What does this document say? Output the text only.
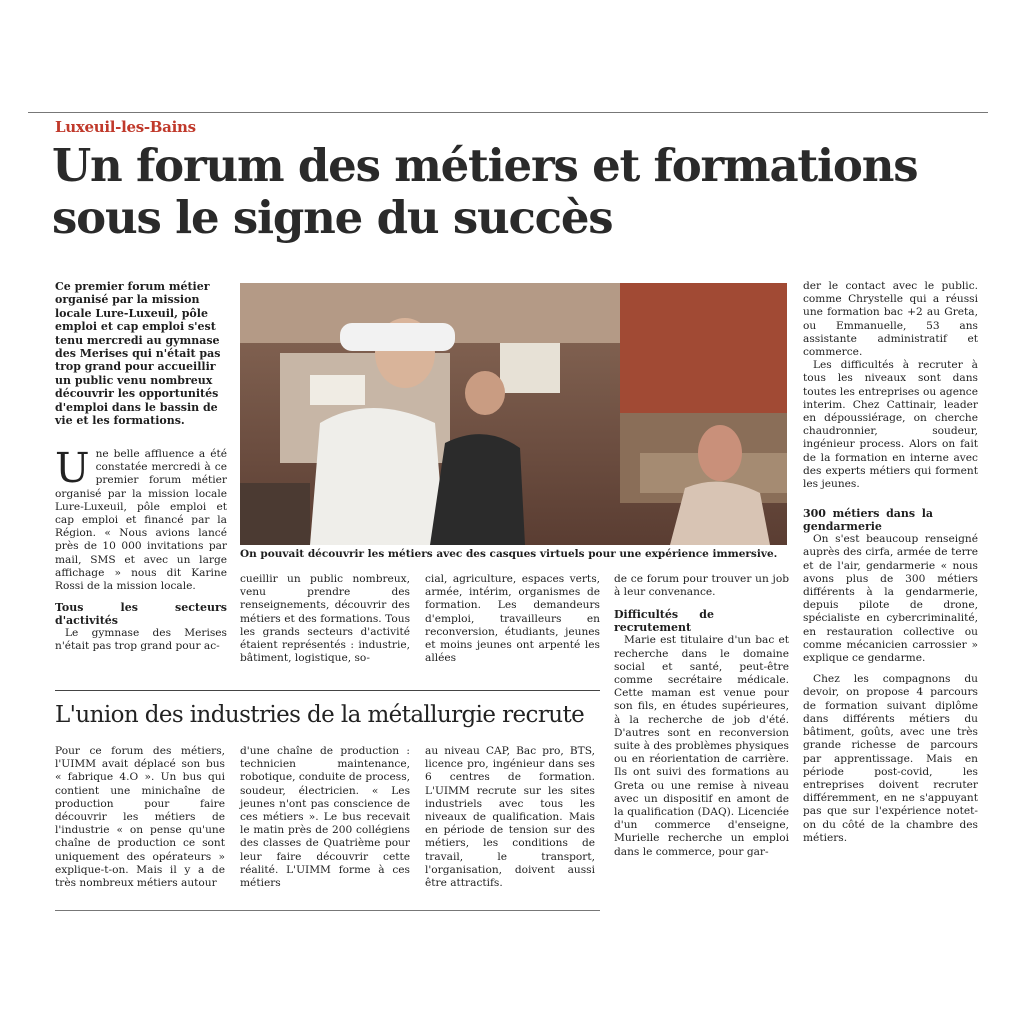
Luxeuil-les-Bains
Un forum des métiers et formations
sous le signe du succès
Ce premier forum métier organisé par la mission locale Lure-Luxeuil, pôle emploi et cap emploi s'est tenu mercredi au gymnase des Merises qui n'était pas trop grand pour accueillir un public venu nombreux découvrir les opportunités d'emploi dans le bassin de vie et les formations.

Une belle affluence a été constatée mercredi à ce premier forum métier organisé par la mission locale Lure-Luxeuil, pôle emploi et cap emploi et financé par la Région. « Nous avions lancé près de 10 000 invitations par mail, SMS et avec un large affichage » nous dit Karine Rossi de la mission locale.

Tous les secteurs d'activités

Le gymnase des Merises n'était pas trop grand pour ac-

On pouvait découvrir les métiers avec des casques virtuels pour une expérience immersive.
cueillir un public nombreux, venu prendre des renseignements, découvrir des métiers et des formations. Tous les grands secteurs d'activité étaient représentés : industrie, bâtiment, logistique, so-
cial, agriculture, espaces verts, armée, intérim, organismes de formation. Les demandeurs d'emploi, travailleurs en reconversion, étudiants, jeunes et moins jeunes ont arpenté les allées

de ce forum pour trouver un job à leur convenance.

Difficultés de recrutement

Marie est titulaire d'un bac et recherche dans le domaine social et santé, peut-être comme secrétaire médicale. Cette maman est venue pour son fils, en études supérieures, à la recherche de job d'été. D'autres sont en reconversion suite à des problèmes physiques ou en réorientation de carrière. Ils ont suivi des formations au Greta ou une remise à niveau avec un dispositif en amont de la qualification (DAQ). Licenciée d'un commerce d'enseigne, Murielle recherche un emploi dans le commerce, pour gar-

der le contact avec le public. comme Chrystelle qui a réussi une formation bac +2 au Greta, ou Emmanuelle, 53 ans assistante administratif et commerce.

Les difficultés à recruter à tous les niveaux sont dans toutes les entreprises ou agence interim. Chez Cattinair, leader en dépoussiérage, on cherche chaudronnier, soudeur, ingénieur process. Alors on fait de la formation en interne avec des experts métiers qui forment les jeunes.

300 métiers dans la gendarmerie

On s'est beaucoup renseigné auprès des cirfa, armée de terre et de l'air, gendarmerie « nous avons plus de 300 métiers différents à la gendarmerie, depuis pilote de drone, spécialiste en cybercriminalité, en restauration collective ou comme mécanicien carrossier » explique ce gendarme.

Chez les compagnons du devoir, on propose 4 parcours de formation suivant diplôme dans différents métiers du bâtiment, goûts, avec une très grande richesse de parcours par apprentissage. Mais en période post-covid, les entreprises doivent recruter différemment, en ne s'appuyant pas que sur l'expérience notet-on du côté de la chambre des métiers.

L'union des industries de la métallurgie recrute
Pour ce forum des métiers, l'UIMM avait déplacé son bus « fabrique 4.O ». Un bus qui contient une minichaîne de production pour faire découvrir les métiers de l'industrie « on pense qu'une chaîne de production ce sont uniquement des opérateurs » explique-t-on. Mais il y a de très nombreux métiers autour
d'une chaîne de production : technicien maintenance, robotique, conduite de process, soudeur, électricien. « Les jeunes n'ont pas conscience de ces métiers ». Le bus recevait le matin près de 200 collégiens des classes de Quatrième pour leur faire découvrir cette réalité. L'UIMM forme à ces métiers
au niveau CAP, Bac pro, BTS, licence pro, ingénieur dans ses 6 centres de formation. L'UIMM recrute sur les sites industriels avec tous les niveaux de qualification. Mais en période de tension sur des métiers, les conditions de travail, le transport, l'organisation, doivent aussi être attractifs.
